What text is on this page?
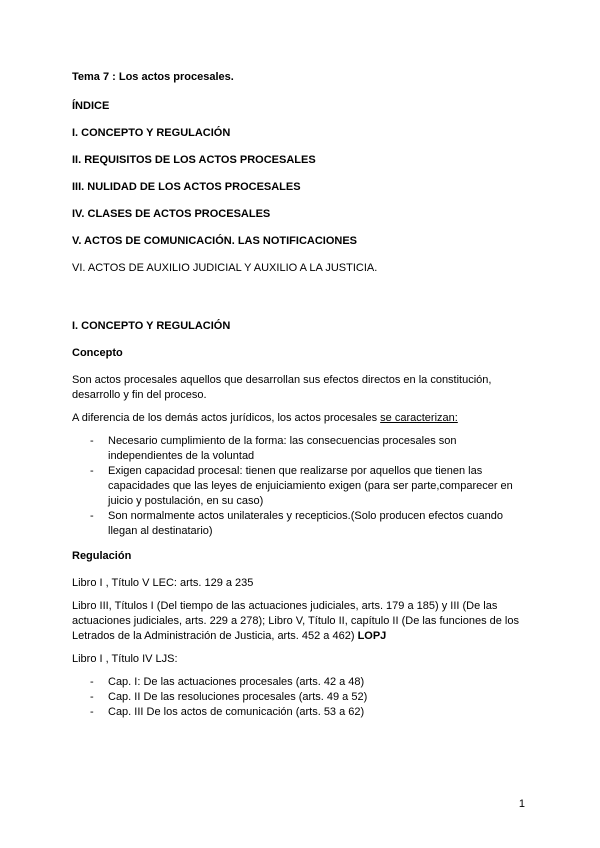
Tema 7 : Los actos procesales.
ÍNDICE
I. CONCEPTO Y REGULACIÓN
II. REQUISITOS DE LOS ACTOS PROCESALES
III. NULIDAD DE LOS ACTOS PROCESALES
IV. CLASES DE ACTOS PROCESALES
V. ACTOS DE COMUNICACIÓN. LAS NOTIFICACIONES
VI. ACTOS DE AUXILIO JUDICIAL Y AUXILIO A LA JUSTICIA.
I. CONCEPTO Y REGULACIÓN
Concepto

Son actos procesales aquellos que desarrollan sus efectos directos en la constitución, desarrollo y fin del proceso.

A diferencia de los demás actos jurídicos, los actos procesales se caracterizan:

- Necesario cumplimiento de la forma: las consecuencias procesales son independientes de la voluntad
- Exigen capacidad procesal: tienen que realizarse por aquellos que tienen las capacidades que las leyes de enjuiciamiento exigen (para ser parte,comparecer en juicio y postulación, en su caso)
- Son normalmente actos unilaterales y recepticios.(Solo producen efectos cuando llegan al destinatario)
Regulación

Libro I , Título V LEC: arts. 129 a 235

Libro III, Títulos I (Del tiempo de las actuaciones judiciales, arts. 179 a 185) y III (De las actuaciones judiciales, arts. 229 a 278); Libro V, Título II, capítulo II (De las funciones de los Letrados de la Administración de Justicia, arts. 452 a 462) LOPJ

Libro I , Título IV LJS:

- Cap. I: De las actuaciones procesales (arts. 42 a 48)
- Cap. II De las resoluciones procesales (arts. 49 a 52)
- Cap. III De los actos de comunicación (arts. 53 a 62)
1
